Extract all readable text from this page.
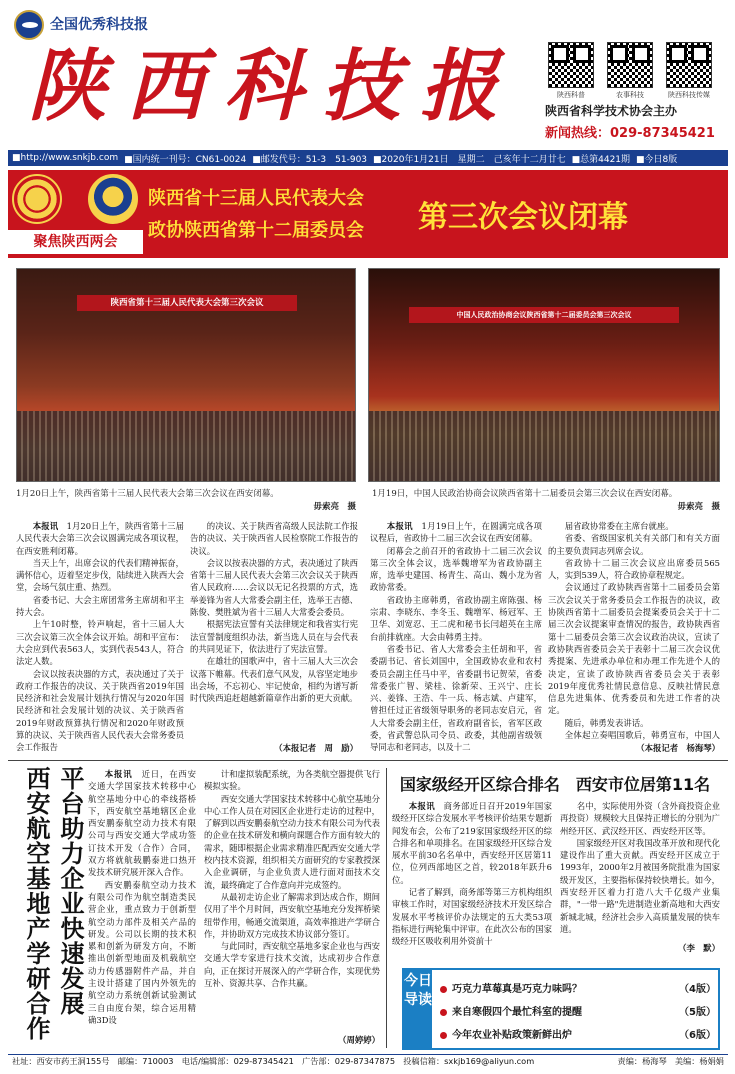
全国优秀科技报
陕西科技报	陕西科普	农事科技	陕西科技传媒
陕西省科学技术协会主办
新闻热线：029-87345421
■http://www.snkjb.com ■国内统一刊号：CN61-0024 ■邮发代号：51-3　51-903 ■2020年1月21日　星期二　己亥年十二月廿七 ■总第4421期 ■今日8版
聚焦陕西两会
陕西省十三届人民代表大会
政协陕西省第十二届委员会 第三次会议闭幕
陕西省第十三届人民代表大会第三次会议
中国人民政治协商会议陕西省第十二届委员会第三次会议
1月20日上午，陕西省第十三届人民代表大会第三次会议在西安闭幕。
毋索亮　摄
1月19日，中国人民政治协商会议陕西省第十二届委员会第三次会议在西安闭幕。
毋索亮　摄

本报讯　1月20日上午，陕西省第十三届人民代表大会第三次会议圆满完成各项议程，在西安胜利闭幕。

当天上午，出席会议的代表们精神振奋，满怀信心，迈着坚定步伐，陆续进入陕西大会堂，会场气氛庄重、热烈。

省委书记、大会主席团常务主席胡和平主持大会。

上午10时整，铃声响起，省十三届人大三次会议第三次全体会议开始。胡和平宣布：大会应到代表563人，实到代表543人，符合法定人数。

会议以按表决器的方式，表决通过了关于政府工作报告的决议、关于陕西省2019年国民经济和社会发展计划执行情况与2020年国民经济和社会发展计划的决议、关于陕西省2019年财政预算执行情况和2020年财政预算的决议、关于陕西省人民代表大会常务委员会工作报告

的决议、关于陕西省高级人民法院工作报告的决议、关于陕西省人民检察院工作报告的决议。

会议以按表决器的方式，表决通过了陕西省第十三届人民代表大会第三次会议关于陕西省人民政府……会议以无记名投票的方式，选举姜锋为省人大常委会副主任，选举王吉德、陈俊、樊胜斌为省十三届人大常委会委员。

根据宪法宣誓有关法律规定和我省实行宪法宣誓制度组织办法，新当选人员在与会代表的共同见证下，依法进行了宪法宣誓。

在雄壮的国歌声中，省十三届人大三次会议落下帷幕。代表们意气风发，从容坚定地步出会场，不忘初心、牢记使命，相约为谱写新时代陕西追赶超越新篇章作出新的更大贡献。

（本报记者　周　励）

本报讯　1月19日上午，在圆满完成各项议程后，省政协十二届三次会议在西安闭幕。

闭幕会之前召开的省政协十二届三次会议第三次全体会议，选举魏增军为省政协副主席，选举史建国、杨青生、高山、魏小龙为省政协常委。

省政协主席韩勇，省政协副主席陈强、杨宗肃、李晓东、李冬玉、魏增军、杨冠军、王卫华、刘宽忍、王二虎和秘书长闫超英在主席台前排就座。大会由韩勇主持。

省委书记、省人大常委会主任胡和平，省委副书记、省长刘国中，全国政协农业和农村委员会副主任马中平，省委副书记贺荣，省委常委张广智、梁桂、徐新荣、王兴宁、庄长兴、姜锋、王浩、牛一兵、杨志斌、卢建军，曾担任过正省级领导职务的老同志安启元，省人大常委会副主任，省政府副省长，省军区政委，省武警总队司令员、政委，其他副省级领导同志和老同志，以及十二

届省政协常委在主席台就座。

省委、省级国家机关有关部门和有关方面的主要负责同志列席会议。

省政协十二届三次会议应出席委员565人，实到539人，符合政协章程规定。

会议通过了政协陕西省第十二届委员会第三次会议关于常务委员会工作报告的决议，政协陕西省第十二届委员会提案委员会关于十二届三次会议提案审查情况的报告，政协陕西省第十二届委员会第三次会议政治决议，宣读了政协陕西省委员会关于表彰十二届三次会议优秀提案、先进承办单位和办理工作先进个人的决定，宣读了政协陕西省委员会关于表彰2019年度优秀社情民意信息、反映社情民意信息先进集体、优秀委员和先进工作者的决定。

随后，韩勇发表讲话。

全体起立奏唱国歌后，韩勇宣布，中国人

（本报记者　杨海琴）
平台助力企业快速发展
西安航空基地产学研合作	本报讯　近日，在西安交通大学国家技术转移中心航空基地分中心的牵线搭桥下，西安航空基地辖区企业西安鹏泰航空动力技术有限公司与西安交通大学成功签订技术开发（合作）合同，双方将就航载鹏泰进口热开发技术研究展开深入合作。

西安鹏泰航空动力技术有限公司作为航空制造类民营企业，重点致力于创新型航空动力部件及相关产品的研发。公司以长期的技术积累和创新为研发方向，不断推出创新型地面及机载航空动力传感器附件产品，并自主设计搭建了国内外领先的航空动力系统创新试验测试三自由度台架，综合运用精确3D设

计和虚拟装配系统，为各类航空器提供飞行模拟实验。

西安交通大学国家技术转移中心航空基地分中心工作人员在对园区企业进行走访的过程中，了解到以西安鹏泰航空动力技术有限公司为代表的企业在技术研发和横向课题合作方面有较大的需求，随即根据企业需求精准匹配西安交通大学校内技术资源，组织相关方面研究的专家教授深入企业调研，与企业负责人进行面对面技术交流，最终确定了合作意向并完成签约。

从最初走访企业了解需求到达成合作，期间仅用了半个月时间，西安航空基地充分发挥桥梁纽带作用，畅通交流渠道，高效率推进产学研合作，并协助双方完成技术协议部分签订。

与此同时，西安航空基地多家企业也与西安交通大学专家进行技术交流，达成初步合作意向，正在探讨开展深入的产学研合作，实现优势互补、资源共享、合作共赢。

（周婷婷）
国家级经开区综合排名　西安市位居第11名

本报讯　商务部近日召开2019年国家级经开区综合发展水平考核评价结果专题新闻发布会，公布了219家国家级经开区的综合排名和单项排名。在国家级经开区综合发展水平前30名名单中，西安经开区居第11位，位列西部地区之首，较2018年跃升6位。

记者了解到，商务部等第三方机构组织审核工作时，对国家级经济技术开发区综合发展水平考核评价办法规定的五大类53项指标进行两轮集中评审。在此次公布的国家级经开区吸收利用外资前十

名中，实际使用外资（含外商投资企业再投资）规模较大且保持正增长的分别为广州经开区、武汉经开区、西安经开区等。

国家级经开区对我国改革开放和现代化建设作出了重大贡献。西安经开区成立于1993年，2000年2月被国务院批准为国家级开发区，主要指标保持较快增长。如今，西安经开区着力打造八大千亿级产业集群，"一带一路"先进制造业新高地和大西安新城北城，经济社会步入高质量发展的快车道。

（李　默）
今日导读
巧克力草莓真是巧克力味吗？	（4版）
来自寒假四个最忙科室的提醒	（5版）
今年农业补贴政策新鲜出炉	（6版）
社址：西安市药王洞155号　邮编：710003　电话/编辑部：029-87345421　广告部：029-87347875　投稿信箱：sxkjb169@aliyun.com	责编：杨海琴　美编：杨娟娟
